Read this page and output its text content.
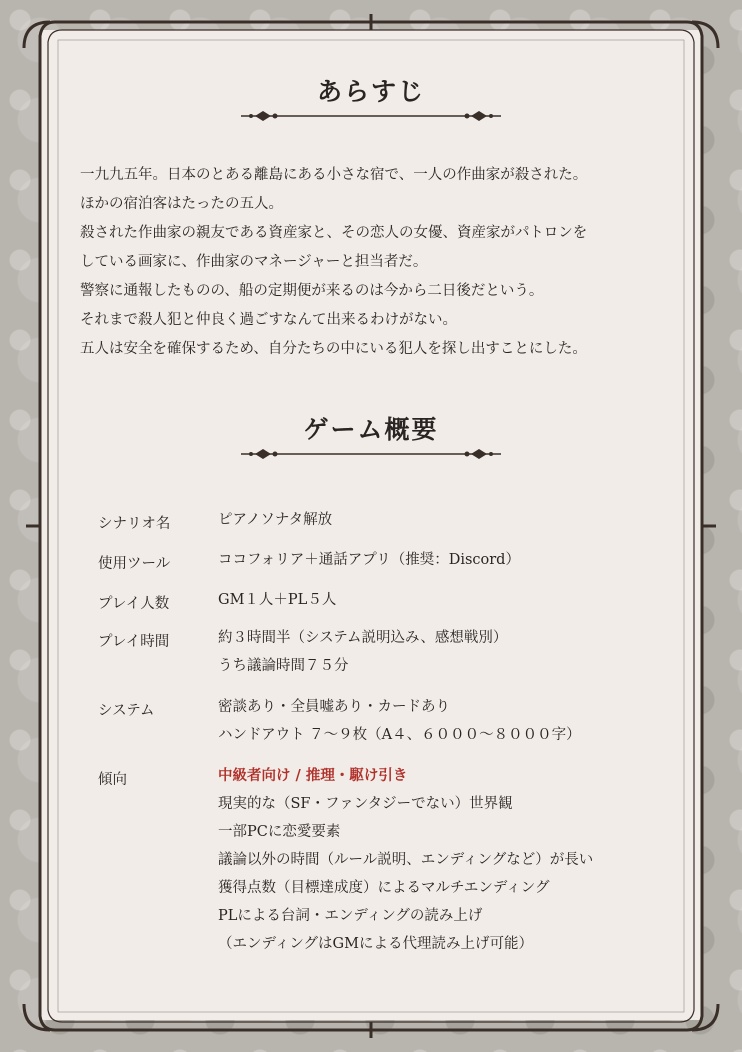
あらすじ
一九九五年。日本のとある離島にある小さな宿で、一人の作曲家が殺された。
ほかの宿泊客はたったの五人。
殺された作曲家の親友である資産家と、その恋人の女優、資産家がパトロンを
している画家に、作曲家のマネージャーと担当者だ。
警察に通報したものの、船の定期便が来るのは今から二日後だという。
それまで殺人犯と仲良く過ごすなんて出来るわけがない。
五人は安全を確保するため、自分たちの中にいる犯人を探し出すことにした。
ゲーム概要
シナリオ名	ピアノソナタ解放
使用ツール	ココフォリア＋通話アプリ（推奨：Discord）
プレイ人数	GM１人＋PL５人
プレイ時間	約３時間半（システム説明込み、感想戦別）
うち議論時間７５分
システム	密談あり・全員嘘あり・カードあり
ハンドアウト ７〜９枚（A４、６０００〜８０００字）
傾向	中級者向け / 推理・駆け引き
現実的な（SF・ファンタジーでない）世界観
一部PCに恋愛要素
議論以外の時間（ルール説明、エンディングなど）が長い
獲得点数（目標達成度）によるマルチエンディング
PLによる台詞・エンディングの読み上げ
（エンディングはGMによる代理読み上げ可能）
